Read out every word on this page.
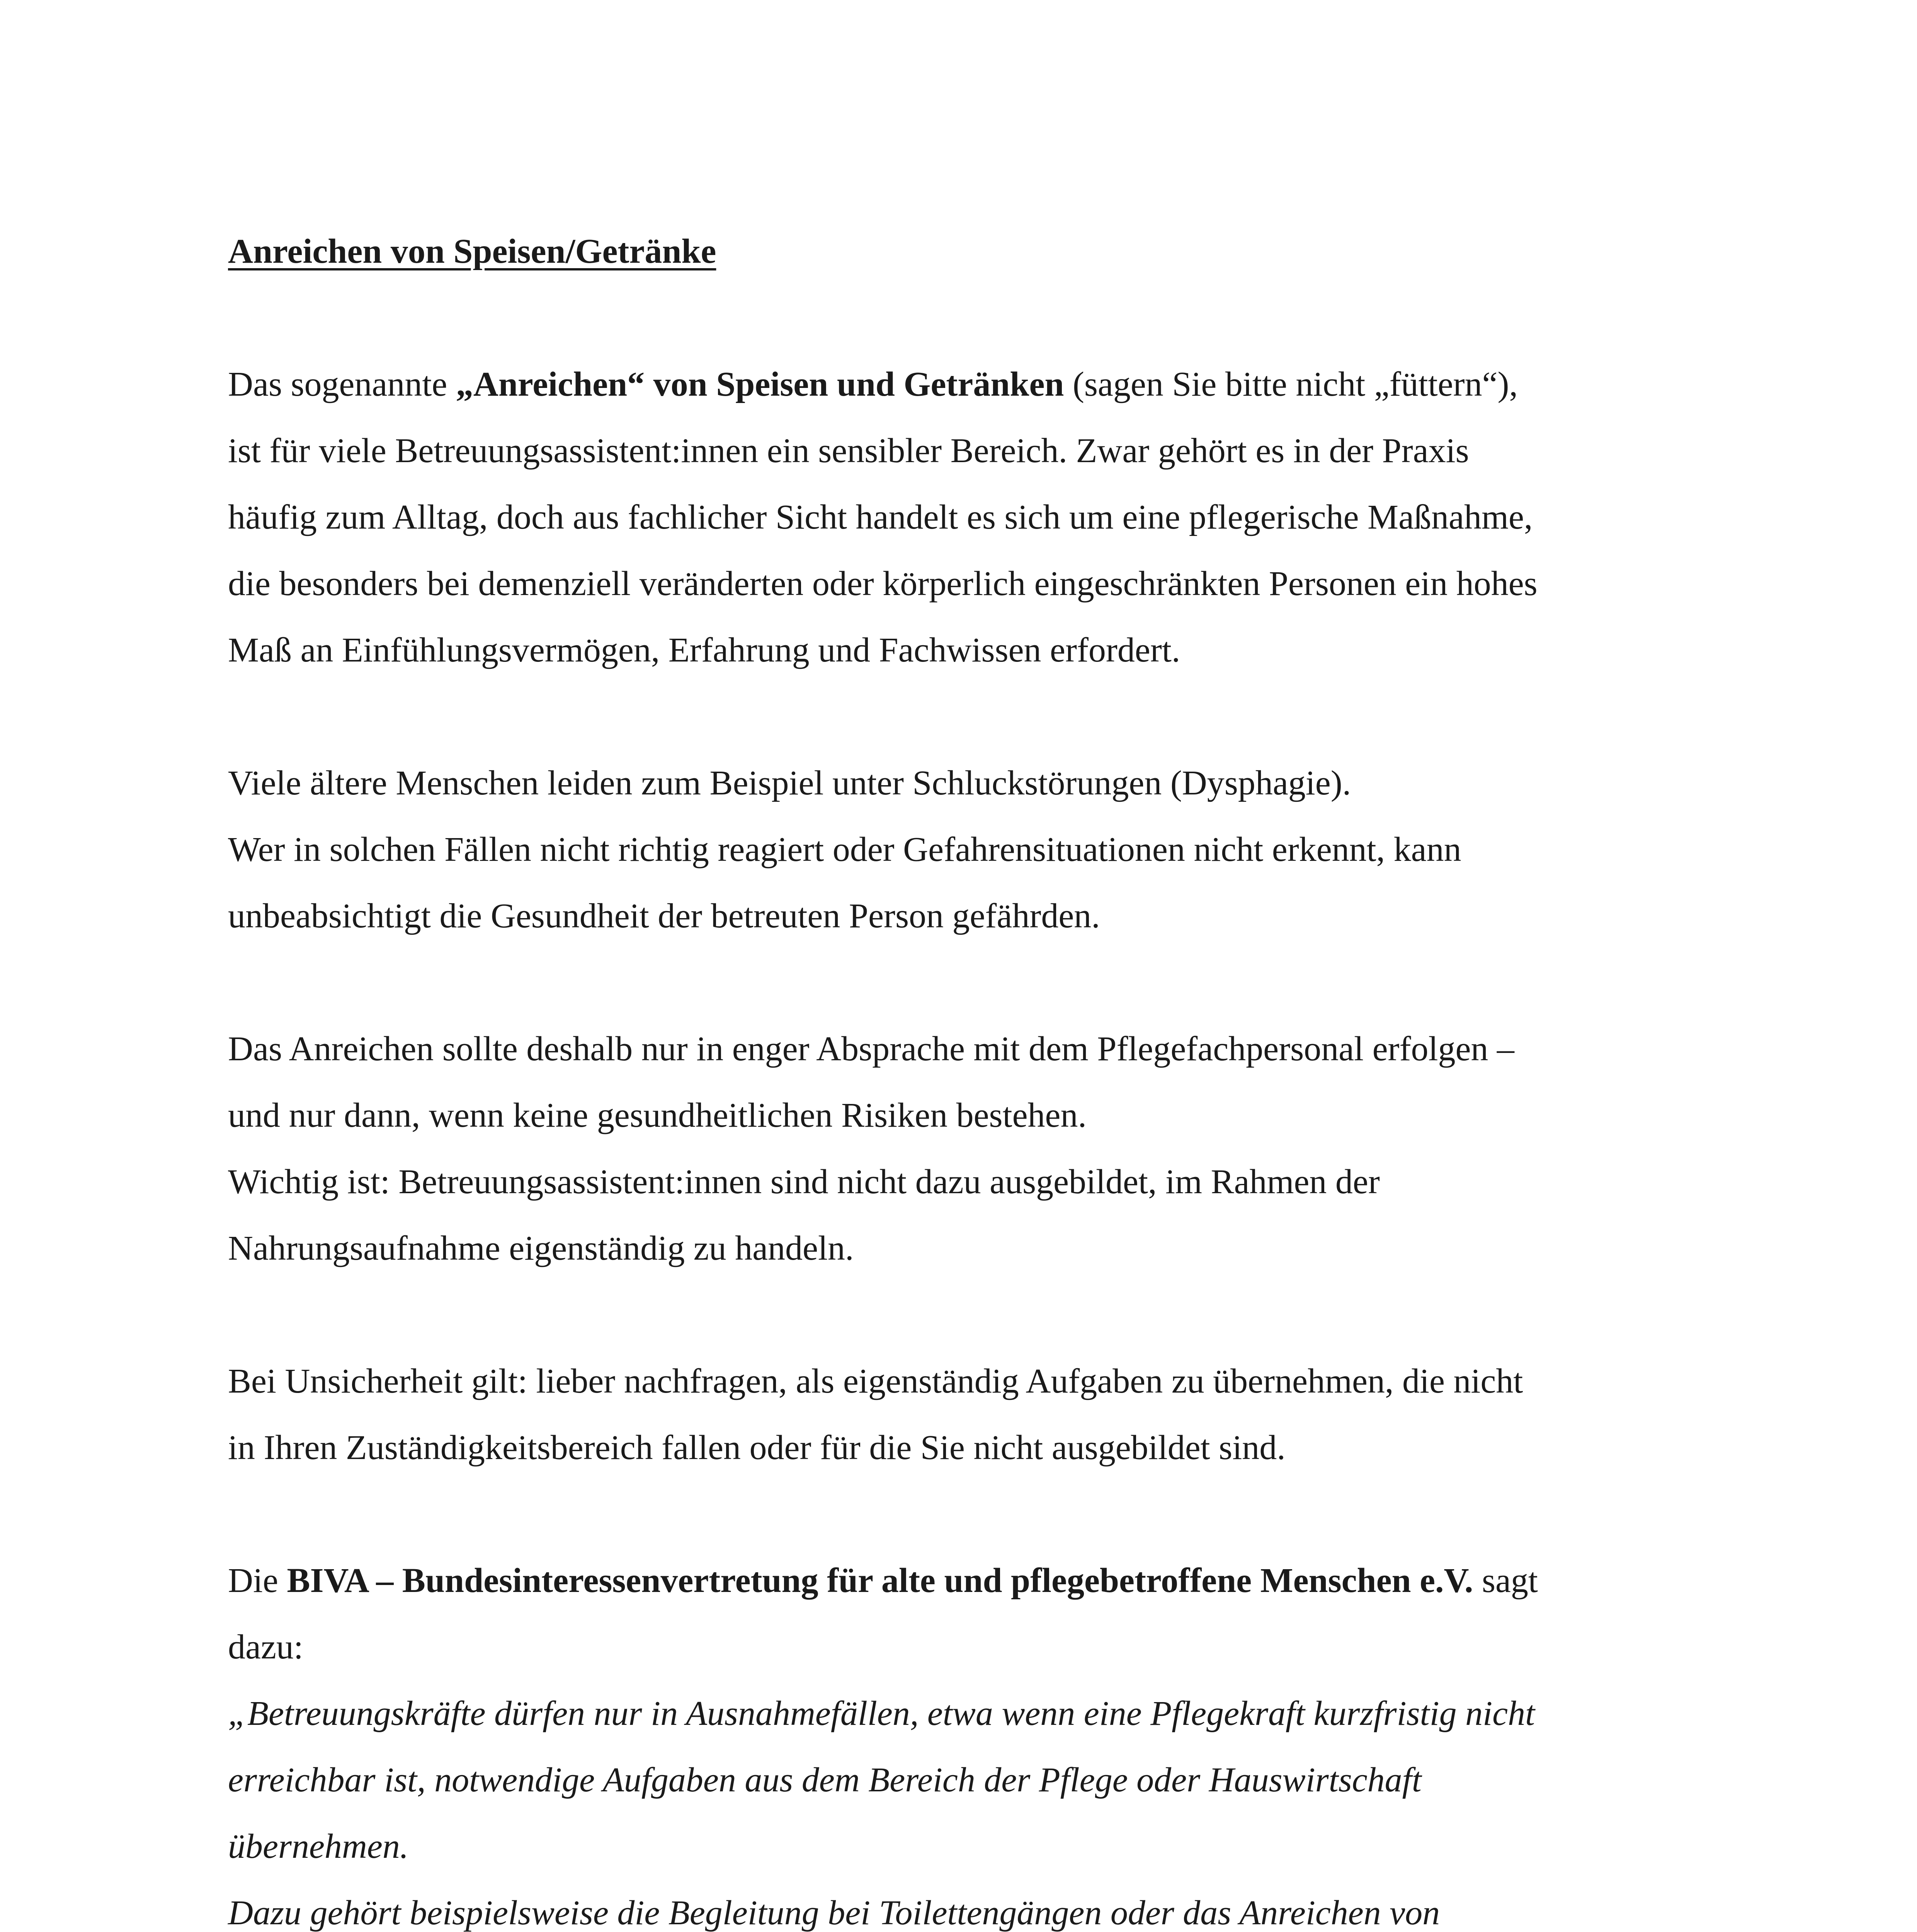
Anreichen von Speisen/Getränke
Das sogenannte „Anreichen“ von Speisen und Getränken (sagen Sie bitte nicht „füttern“),
ist für viele Betreuungsassistent:innen ein sensibler Bereich. Zwar gehört es in der Praxis
häufig zum Alltag, doch aus fachlicher Sicht handelt es sich um eine pflegerische Maßnahme,
die besonders bei demenziell veränderten oder körperlich eingeschränkten Personen ein hohes
Maß an Einfühlungsvermögen, Erfahrung und Fachwissen erfordert.
Viele ältere Menschen leiden zum Beispiel unter Schluckstörungen (Dysphagie).
Wer in solchen Fällen nicht richtig reagiert oder Gefahrensituationen nicht erkennt, kann
unbeabsichtigt die Gesundheit der betreuten Person gefährden.
Das Anreichen sollte deshalb nur in enger Absprache mit dem Pflegefachpersonal erfolgen –
und nur dann, wenn keine gesundheitlichen Risiken bestehen.
Wichtig ist: Betreuungsassistent:innen sind nicht dazu ausgebildet, im Rahmen der
Nahrungsaufnahme eigenständig zu handeln.
Bei Unsicherheit gilt: lieber nachfragen, als eigenständig Aufgaben zu übernehmen, die nicht
in Ihren Zuständigkeitsbereich fallen oder für die Sie nicht ausgebildet sind.
Die BIVA – Bundesinteressenvertretung für alte und pflegebetroffene Menschen e.V. sagt
dazu:
„Betreuungskräfte dürfen nur in Ausnahmefällen, etwa wenn eine Pflegekraft kurzfristig nicht
erreichbar ist, notwendige Aufgaben aus dem Bereich der Pflege oder Hauswirtschaft
übernehmen.
Dazu gehört beispielsweise die Begleitung bei Toilettengängen oder das Anreichen von
